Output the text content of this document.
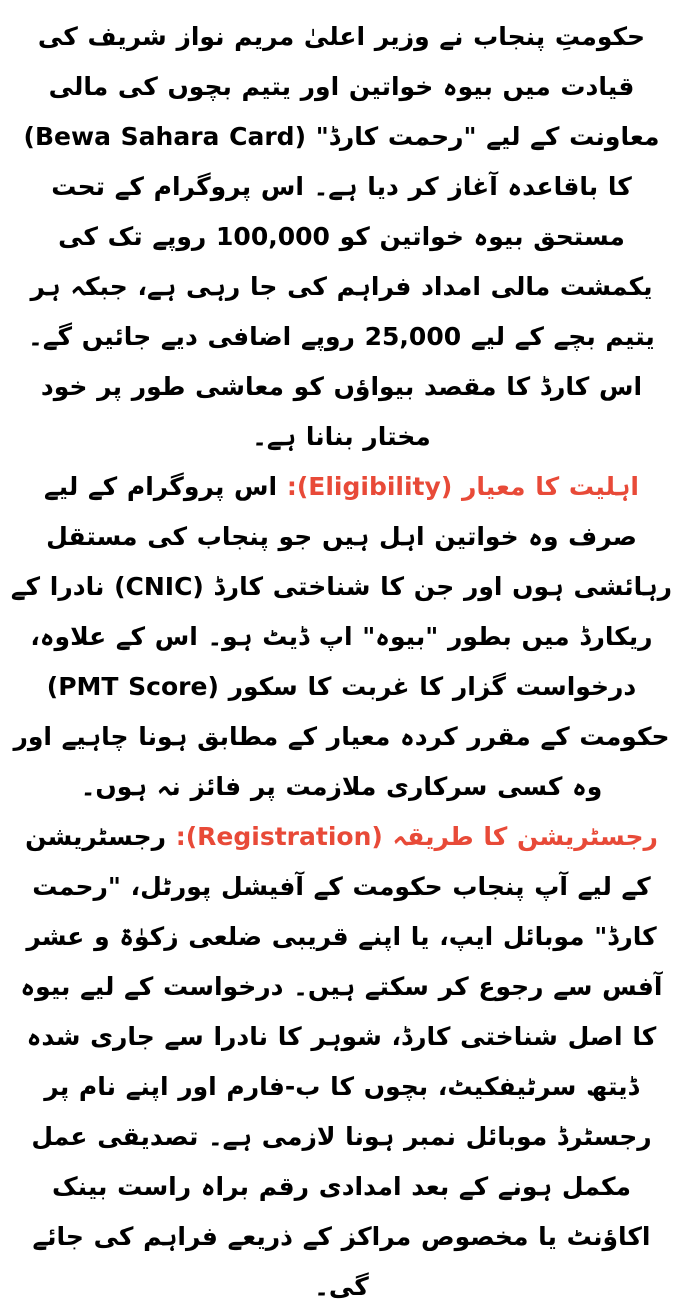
حکومتِ پنجاب نے وزیر اعلیٰ مریم نواز شریف کی قیادت میں بیوہ خواتین اور یتیم بچوں کی مالی معاونت کے لیے "رحمت کارڈ" (Bewa Sahara Card) کا باقاعدہ آغاز کر دیا ہے۔ اس پروگرام کے تحت مستحق بیوہ خواتین کو 100,000 روپے تک کی یکمشت مالی امداد فراہم کی جا رہی ہے، جبکہ ہر یتیم بچے کے لیے 25,000 روپے اضافی دیے جائیں گے۔ اس کارڈ کا مقصد بیواؤں کو معاشی طور پر خود مختار بنانا ہے۔

اہلیت کا معیار (Eligibility): اس پروگرام کے لیے صرف وہ خواتین اہل ہیں جو پنجاب کی مستقل رہائشی ہوں اور جن کا شناختی کارڈ (CNIC) نادرا کے ریکارڈ میں بطور "بیوہ" اپ ڈیٹ ہو۔ اس کے علاوہ، درخواست گزار کا غربت کا سکور (PMT Score) حکومت کے مقرر کردہ معیار کے مطابق ہونا چاہیے اور وہ کسی سرکاری ملازمت پر فائز نہ ہوں۔

رجسٹریشن کا طریقہ (Registration): رجسٹریشن کے لیے آپ پنجاب حکومت کے آفیشل پورٹل، "رحمت کارڈ" موبائل ایپ، یا اپنے قریبی ضلعی زکوٰۃ و عشر آفس سے رجوع کر سکتے ہیں۔ درخواست کے لیے بیوہ کا اصل شناختی کارڈ، شوہر کا نادرا سے جاری شدہ ڈیتھ سرٹیفکیٹ، بچوں کا ب-فارم اور اپنے نام پر رجسٹرڈ موبائل نمبر ہونا لازمی ہے۔ تصدیقی عمل مکمل ہونے کے بعد امدادی رقم براہ راست بینک اکاؤنٹ یا مخصوص مراکز کے ذریعے فراہم کی جائے گی۔
